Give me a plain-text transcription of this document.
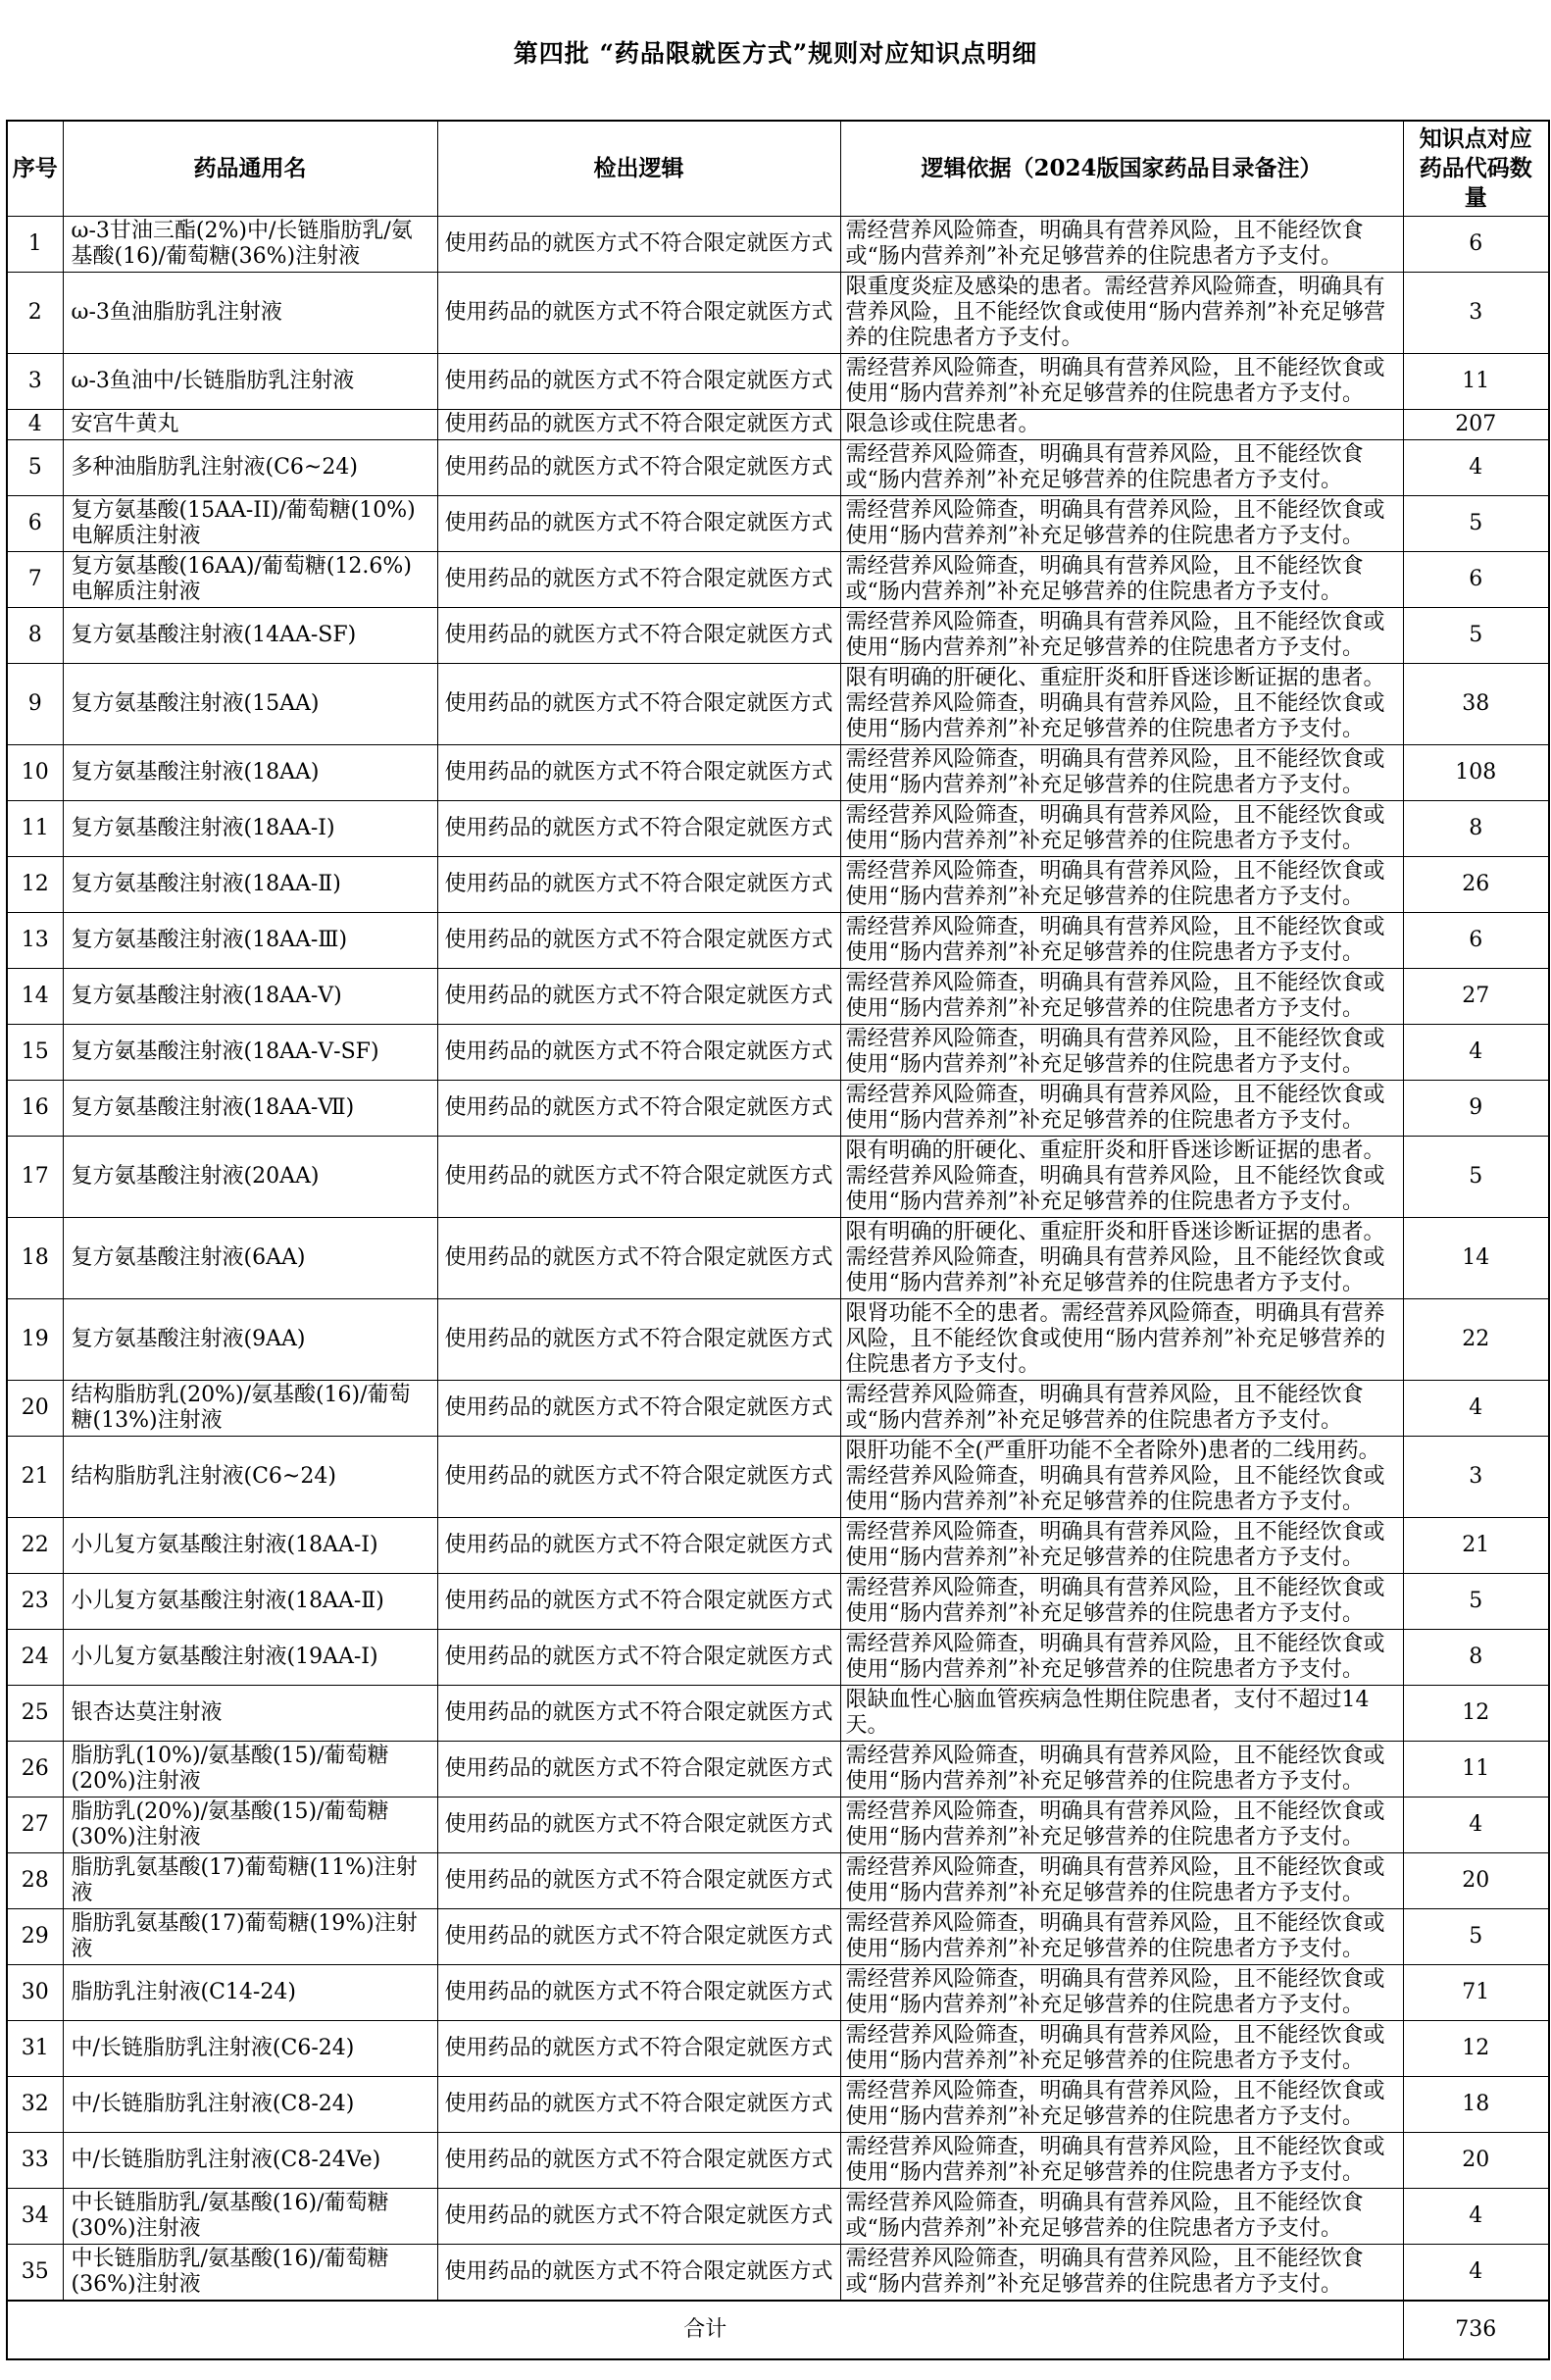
第四批 “药品限就医方式”规则对应知识点明细
序号	药品通用名	检出逻辑	逻辑依据（2024版国家药品目录备注）	知识点对应药品代码数量
1	ω-3甘油三酯(2%)中/长链脂肪乳/氨基酸(16)/葡萄糖(36%)注射液	使用药品的就医方式不符合限定就医方式	需经营养风险筛查，明确具有营养风险，且不能经饮食或“肠内营养剂”补充足够营养的住院患者方予支付。	6
2	ω-3鱼油脂肪乳注射液	使用药品的就医方式不符合限定就医方式	限重度炎症及感染的患者。需经营养风险筛查，明确具有营养风险，且不能经饮食或使用“肠内营养剂”补充足够营养的住院患者方予支付。	3
3	ω-3鱼油中/长链脂肪乳注射液	使用药品的就医方式不符合限定就医方式	需经营养风险筛查，明确具有营养风险，且不能经饮食或使用“肠内营养剂”补充足够营养的住院患者方予支付。	11
4	安宫牛黄丸	使用药品的就医方式不符合限定就医方式	限急诊或住院患者。	207
5	多种油脂肪乳注射液(C6~24)	使用药品的就医方式不符合限定就医方式	需经营养风险筛查，明确具有营养风险，且不能经饮食或“肠内营养剂”补充足够营养的住院患者方予支付。	4
6	复方氨基酸(15AA-II)/葡萄糖(10%)电解质注射液	使用药品的就医方式不符合限定就医方式	需经营养风险筛查，明确具有营养风险，且不能经饮食或使用“肠内营养剂”补充足够营养的住院患者方予支付。	5
7	复方氨基酸(16AA)/葡萄糖(12.6%)电解质注射液	使用药品的就医方式不符合限定就医方式	需经营养风险筛查，明确具有营养风险，且不能经饮食或“肠内营养剂”补充足够营养的住院患者方予支付。	6
8	复方氨基酸注射液(14AA-SF)	使用药品的就医方式不符合限定就医方式	需经营养风险筛查，明确具有营养风险，且不能经饮食或使用“肠内营养剂”补充足够营养的住院患者方予支付。	5
9	复方氨基酸注射液(15AA)	使用药品的就医方式不符合限定就医方式	限有明确的肝硬化、重症肝炎和肝昏迷诊断证据的患者。需经营养风险筛查，明确具有营养风险，且不能经饮食或使用“肠内营养剂”补充足够营养的住院患者方予支付。	38
10	复方氨基酸注射液(18AA)	使用药品的就医方式不符合限定就医方式	需经营养风险筛查，明确具有营养风险，且不能经饮食或使用“肠内营养剂”补充足够营养的住院患者方予支付。	108
11	复方氨基酸注射液(18AA-Ⅰ)	使用药品的就医方式不符合限定就医方式	需经营养风险筛查，明确具有营养风险，且不能经饮食或使用“肠内营养剂”补充足够营养的住院患者方予支付。	8
12	复方氨基酸注射液(18AA-Ⅱ)	使用药品的就医方式不符合限定就医方式	需经营养风险筛查，明确具有营养风险，且不能经饮食或使用“肠内营养剂”补充足够营养的住院患者方予支付。	26
13	复方氨基酸注射液(18AA-Ⅲ)	使用药品的就医方式不符合限定就医方式	需经营养风险筛查，明确具有营养风险，且不能经饮食或使用“肠内营养剂”补充足够营养的住院患者方予支付。	6
14	复方氨基酸注射液(18AA-Ⅴ)	使用药品的就医方式不符合限定就医方式	需经营养风险筛查，明确具有营养风险，且不能经饮食或使用“肠内营养剂”补充足够营养的住院患者方予支付。	27
15	复方氨基酸注射液(18AA-Ⅴ-SF)	使用药品的就医方式不符合限定就医方式	需经营养风险筛查，明确具有营养风险，且不能经饮食或使用“肠内营养剂”补充足够营养的住院患者方予支付。	4
16	复方氨基酸注射液(18AA-Ⅶ)	使用药品的就医方式不符合限定就医方式	需经营养风险筛查，明确具有营养风险，且不能经饮食或使用“肠内营养剂”补充足够营养的住院患者方予支付。	9
17	复方氨基酸注射液(20AA)	使用药品的就医方式不符合限定就医方式	限有明确的肝硬化、重症肝炎和肝昏迷诊断证据的患者。需经营养风险筛查，明确具有营养风险，且不能经饮食或使用“肠内营养剂”补充足够营养的住院患者方予支付。	5
18	复方氨基酸注射液(6AA)	使用药品的就医方式不符合限定就医方式	限有明确的肝硬化、重症肝炎和肝昏迷诊断证据的患者。需经营养风险筛查，明确具有营养风险，且不能经饮食或使用“肠内营养剂”补充足够营养的住院患者方予支付。	14
19	复方氨基酸注射液(9AA)	使用药品的就医方式不符合限定就医方式	限肾功能不全的患者。需经营养风险筛查，明确具有营养风险，且不能经饮食或使用“肠内营养剂”补充足够营养的住院患者方予支付。	22
20	结构脂肪乳(20%)/氨基酸(16)/葡萄糖(13%)注射液	使用药品的就医方式不符合限定就医方式	需经营养风险筛查，明确具有营养风险，且不能经饮食或“肠内营养剂”补充足够营养的住院患者方予支付。	4
21	结构脂肪乳注射液(C6~24)	使用药品的就医方式不符合限定就医方式	限肝功能不全(严重肝功能不全者除外)患者的二线用药。需经营养风险筛查，明确具有营养风险，且不能经饮食或使用“肠内营养剂”补充足够营养的住院患者方予支付。	3
22	小儿复方氨基酸注射液(18AA-Ⅰ)	使用药品的就医方式不符合限定就医方式	需经营养风险筛查，明确具有营养风险，且不能经饮食或使用“肠内营养剂”补充足够营养的住院患者方予支付。	21
23	小儿复方氨基酸注射液(18AA-Ⅱ)	使用药品的就医方式不符合限定就医方式	需经营养风险筛查，明确具有营养风险，且不能经饮食或使用“肠内营养剂”补充足够营养的住院患者方予支付。	5
24	小儿复方氨基酸注射液(19AA-Ⅰ)	使用药品的就医方式不符合限定就医方式	需经营养风险筛查，明确具有营养风险，且不能经饮食或使用“肠内营养剂”补充足够营养的住院患者方予支付。	8
25	银杏达莫注射液	使用药品的就医方式不符合限定就医方式	限缺血性心脑血管疾病急性期住院患者，支付不超过14天。	12
26	脂肪乳(10%)/氨基酸(15)/葡萄糖(20%)注射液	使用药品的就医方式不符合限定就医方式	需经营养风险筛查，明确具有营养风险，且不能经饮食或使用“肠内营养剂”补充足够营养的住院患者方予支付。	11
27	脂肪乳(20%)/氨基酸(15)/葡萄糖(30%)注射液	使用药品的就医方式不符合限定就医方式	需经营养风险筛查，明确具有营养风险，且不能经饮食或使用“肠内营养剂”补充足够营养的住院患者方予支付。	4
28	脂肪乳氨基酸(17)葡萄糖(11%)注射液	使用药品的就医方式不符合限定就医方式	需经营养风险筛查，明确具有营养风险，且不能经饮食或使用“肠内营养剂”补充足够营养的住院患者方予支付。	20
29	脂肪乳氨基酸(17)葡萄糖(19%)注射液	使用药品的就医方式不符合限定就医方式	需经营养风险筛查，明确具有营养风险，且不能经饮食或使用“肠内营养剂”补充足够营养的住院患者方予支付。	5
30	脂肪乳注射液(C14-24)	使用药品的就医方式不符合限定就医方式	需经营养风险筛查，明确具有营养风险，且不能经饮食或使用“肠内营养剂”补充足够营养的住院患者方予支付。	71
31	中/长链脂肪乳注射液(C6-24)	使用药品的就医方式不符合限定就医方式	需经营养风险筛查，明确具有营养风险，且不能经饮食或使用“肠内营养剂”补充足够营养的住院患者方予支付。	12
32	中/长链脂肪乳注射液(C8-24)	使用药品的就医方式不符合限定就医方式	需经营养风险筛查，明确具有营养风险，且不能经饮食或使用“肠内营养剂”补充足够营养的住院患者方予支付。	18
33	中/长链脂肪乳注射液(C8-24Ve)	使用药品的就医方式不符合限定就医方式	需经营养风险筛查，明确具有营养风险，且不能经饮食或使用“肠内营养剂”补充足够营养的住院患者方予支付。	20
34	中长链脂肪乳/氨基酸(16)/葡萄糖(30%)注射液	使用药品的就医方式不符合限定就医方式	需经营养风险筛查，明确具有营养风险，且不能经饮食或“肠内营养剂”补充足够营养的住院患者方予支付。	4
35	中长链脂肪乳/氨基酸(16)/葡萄糖(36%)注射液	使用药品的就医方式不符合限定就医方式	需经营养风险筛查，明确具有营养风险，且不能经饮食或“肠内营养剂”补充足够营养的住院患者方予支付。	4
合计				736
